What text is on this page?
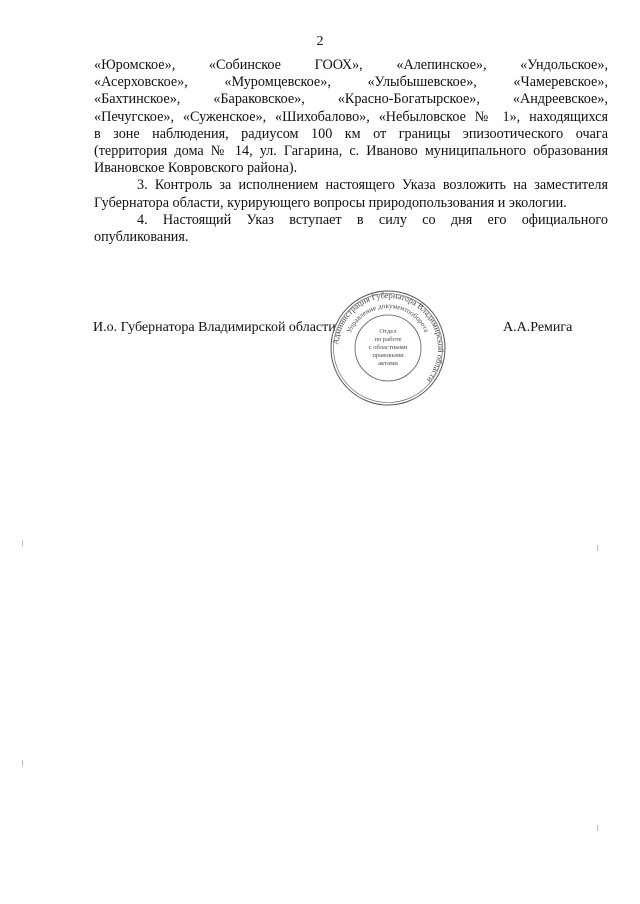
2
«Юромское», «Собинское ГООХ», «Алепинское», «Ундольское»,
«Асерховское», «Муромцевское», «Улыбышевское», «Чамеревское»,
«Бахтинское», «Бараковское», «Красно-Богатырское», «Андреевское»,
«Печугское», «Суженское», «Шихобалово», «Небыловское № 1», находящихся
в зоне наблюдения, радиусом 100 км от границы эпизоотического очага
(территория дома № 14, ул. Гагарина, с. Иваново муниципального образования
Ивановское Ковровского района).
3. Контроль за исполнением настоящего Указа возложить на заместителя
Губернатора области, курирующего вопросы природопользования и экологии.
4. Настоящий Указ вступает в силу со дня его официального
опубликования.
И.о. Губернатора Владимирской области
Администрация Губернатора Владимирской области
Управление документооборота
Отдел
по работе
с областными
правовыми
актами
А.А.Ремига
